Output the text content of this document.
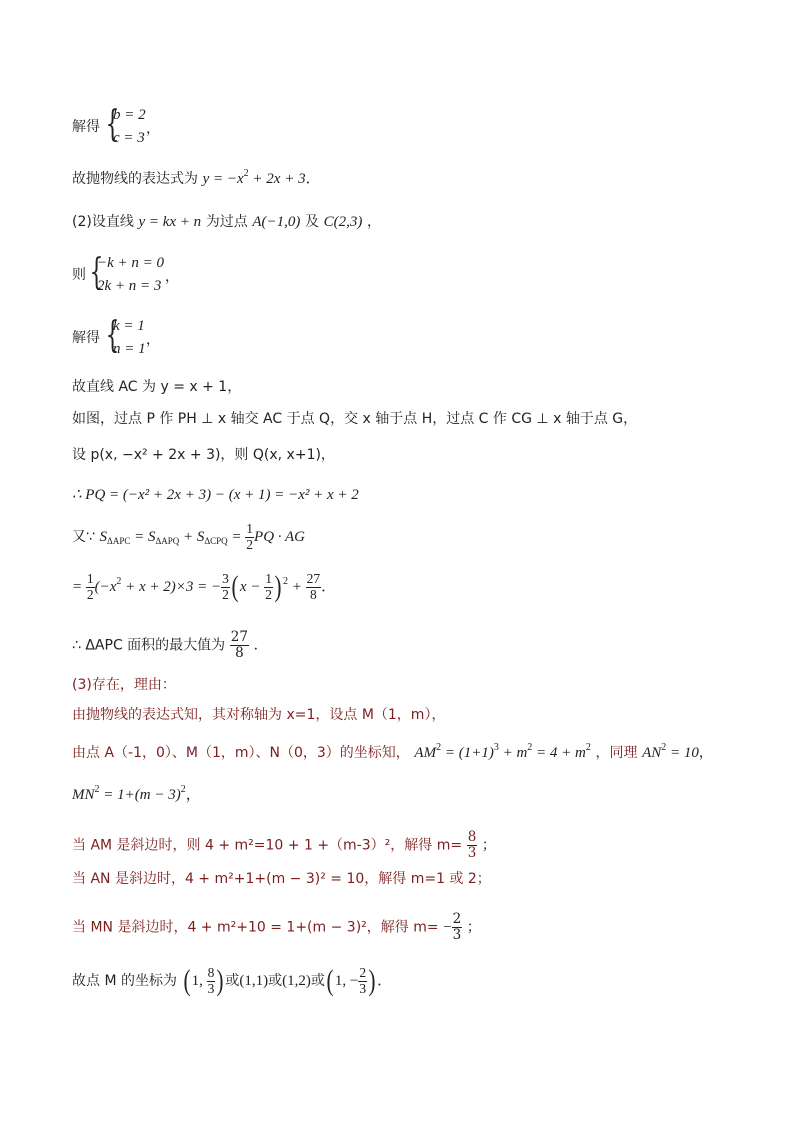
解得 {
b = 2
c = 3
，
故抛物线的表达式为 $y = -x^2 + 2x + 3$．
(2)设直线 y = kx + n 为过点 A(−1,0) 及 C(2,3) ，
则 {
−k + n = 0
2k + n = 3
，
解得 {
k = 1
n = 1
，
故直线 AC 为 y = x + 1，
如图，过点 P 作 PH ⊥ x 轴交 AC 于点 Q，交 x 轴于点 H，过点 C 作 CG ⊥ x 轴于点 G，
设 p(x, −x² + 2x + 3)，则 Q(x, x+1)，
∴ PQ = (−x² + 2x + 3) − (x + 1) = −x² + x + 2
又∵ $S_{\Delta APC} = S_{\Delta APQ} + S_{\Delta CPQ} = \frac{1}{2}$ PQ · AG
= $\frac{1}{2} (-x^2 + x + 2)\times 3$ = − $\frac{3}{2}$ ( $x - \frac{1}{2}$ ) $^2 + \frac{27}{8}$ ．
∴ ΔAPC 面积的最大值为 $\frac{27}{8}$ ．
(3)存在，理由：
由抛物线的表达式知，其对称轴为 x=1，设点 M（1，m），
由点 A（-1，0）、M（1，m）、N（0，3）的坐标知， $AM^2 = (1+1)^3 + m^2 = 4 + m^2$ ，同理 $AN^2 = 10$，
$MN^2 = 1+(m - 3)^2$，
当 AM 是斜边时，则 4 + m²=10 + 1 +（m-3）²，解得 $m= \frac{8}{3}$ ；
当 AN 是斜边时，4 + m²+1+(m − 3)² = 10，解得 m=1 或 2；
当 MN 是斜边时，4 + m²+10 = 1+(m − 3)²，解得 $m= - \frac{2}{3}$ ；
故点 M 的坐标为 ( 1, $\frac{8}{3}$ ) 或(1,1)或(1,2)或( 1, − $\frac{2}{3}$ ) ．
